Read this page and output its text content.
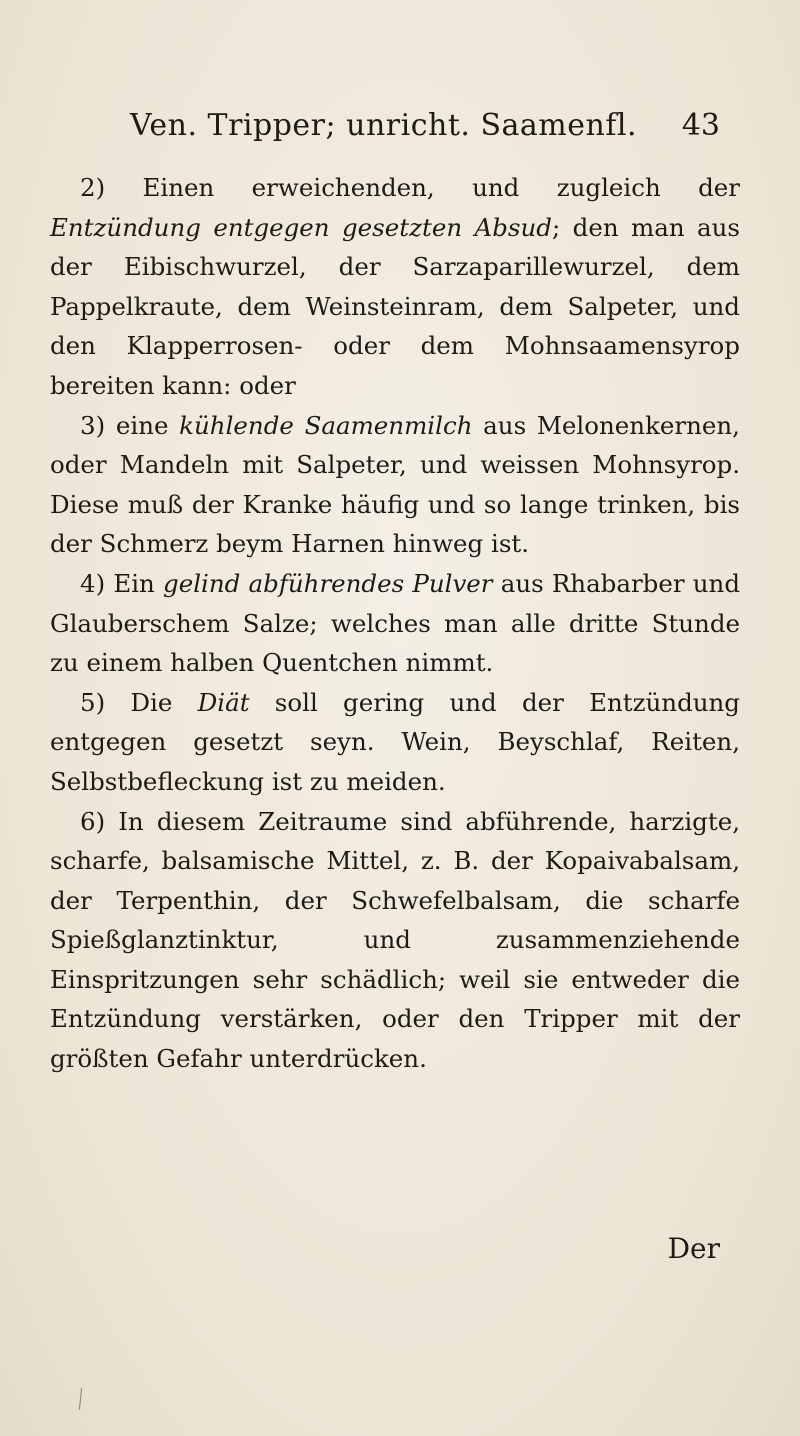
Ven. Tripper; unricht. Saamenfl. 43

2) Einen erweichenden, und zugleich der Entzündung entgegen gesetzten Absud; den man aus der Eibischwurzel, der Sarzaparillewurzel, dem Pappelkraute, dem Weinsteinram, dem Salpeter, und den Klapperrosen- oder dem Mohnsaamensyrop bereiten kann: oder

3) eine kühlende Saamenmilch aus Melonenkernen, oder Mandeln mit Salpeter, und weissen Mohnsyrop. Diese muß der Kranke häufig und so lange trinken, bis der Schmerz beym Harnen hinweg ist.

4) Ein gelind abführendes Pulver aus Rhabarber und Glauberschem Salze; welches man alle dritte Stunde zu einem halben Quentchen nimmt.

5) Die Diät soll gering und der Entzündung entgegen gesetzt seyn. Wein, Beyschlaf, Reiten, Selbstbefleckung ist zu meiden.

6) In diesem Zeitraume sind abführende, harzigte, scharfe, balsamische Mittel, z. B. der Kopaivabalsam, der Terpenthin, der Schwefelbalsam, die scharfe Spießglanztinktur, und zusammenziehende Einspritzungen sehr schädlich; weil sie entweder die Entzündung verstärken, oder den Tripper mit der größten Gefahr unterdrücken.

Der
